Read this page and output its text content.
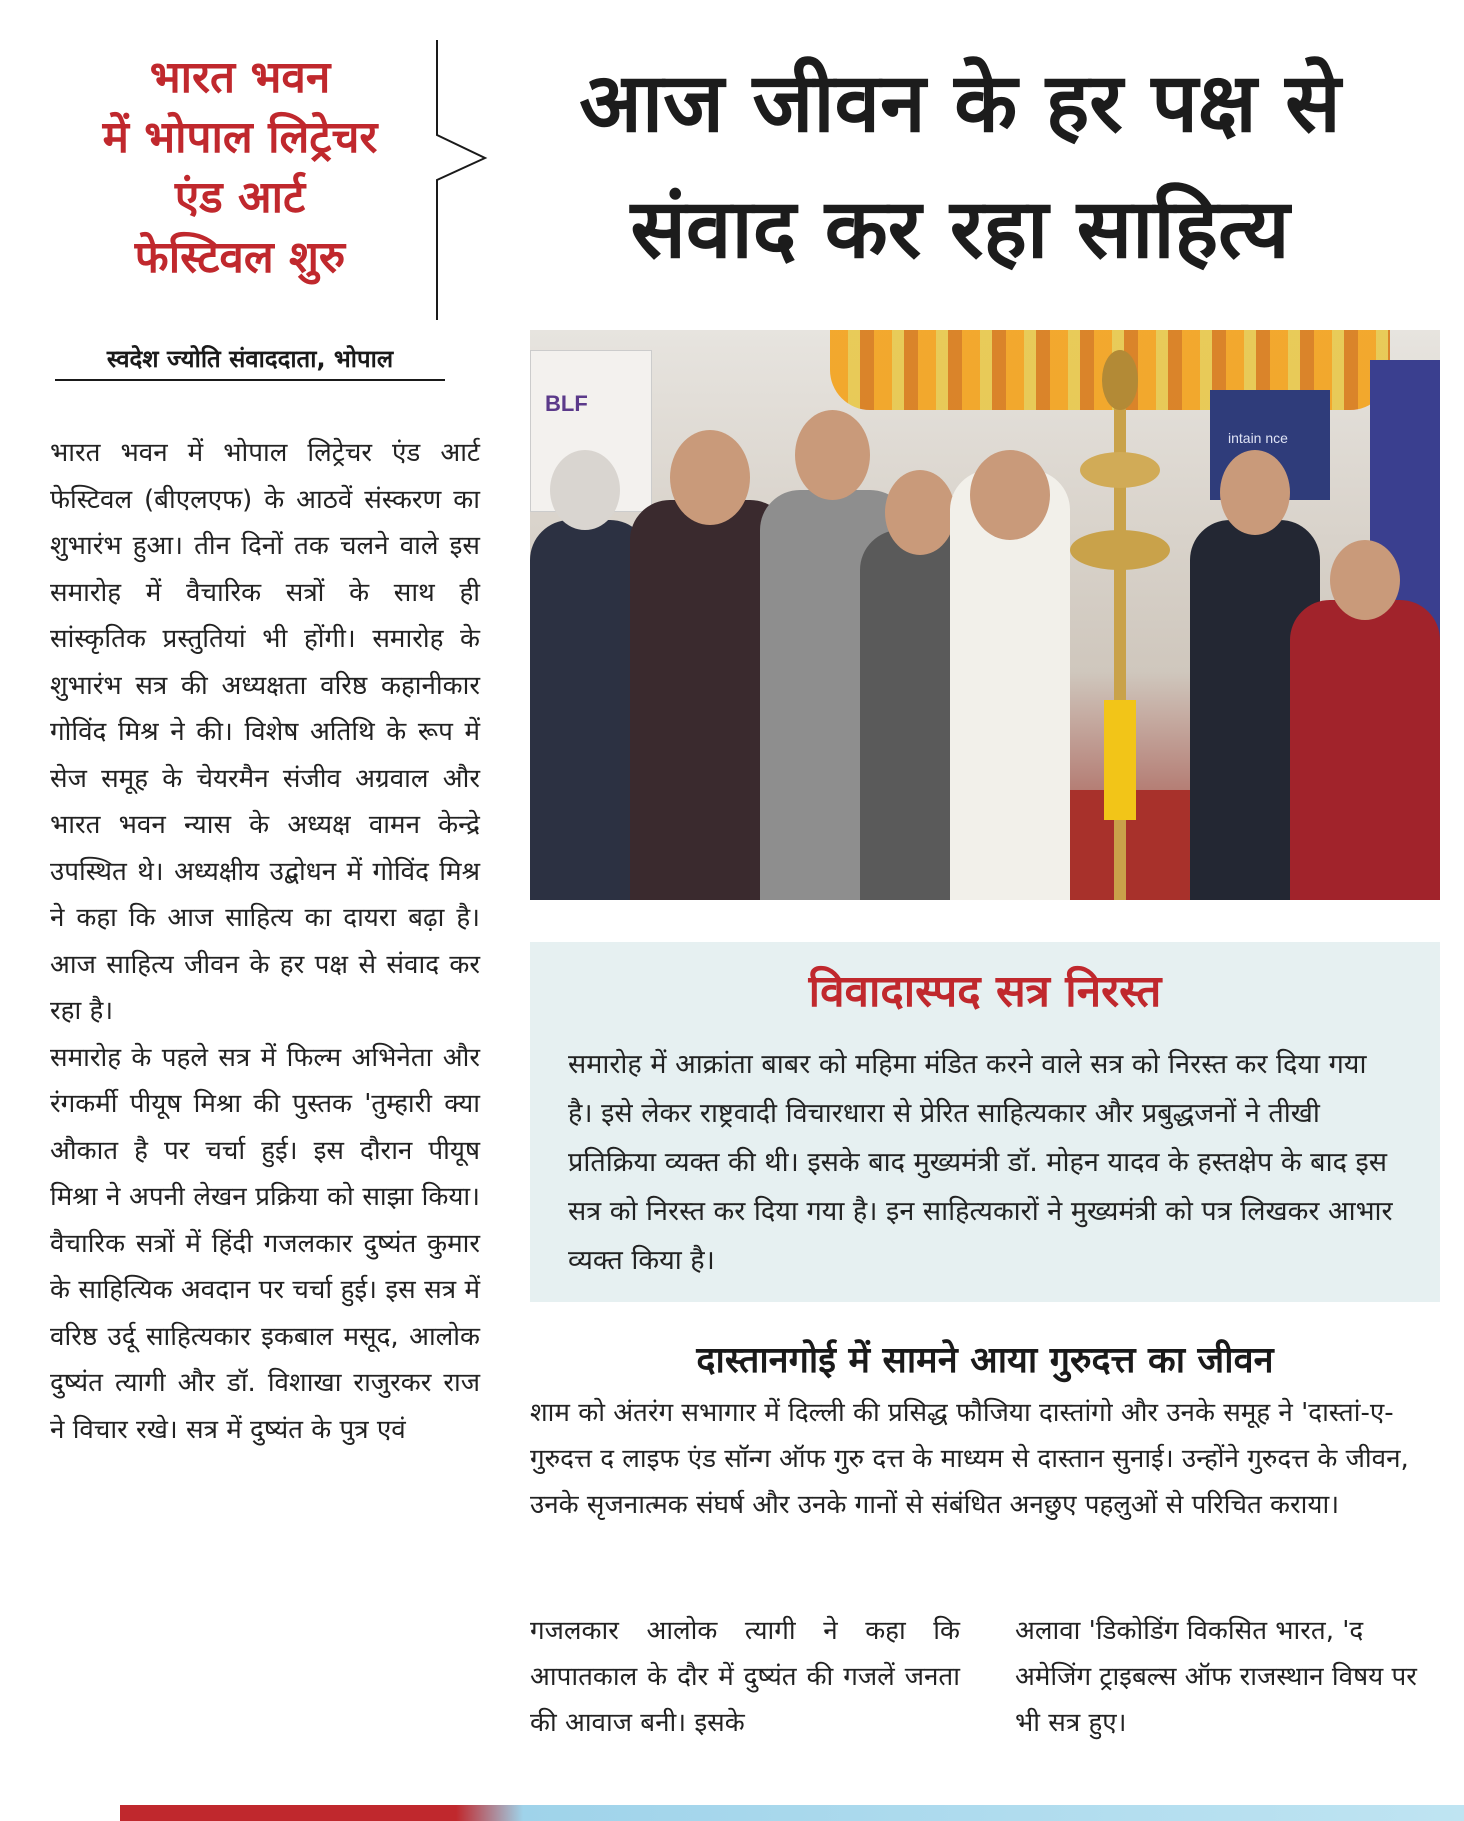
भारत भवन
में भोपाल लिट्रेचर
एंड आर्ट
फेस्टिवल शुरु
आज जीवन के हर पक्ष से
संवाद कर रहा साहित्य
स्वदेश ज्योति संवाददाता, भोपाल

भारत भवन में भोपाल लिट्रेचर एंड आर्ट फेस्टिवल (बीएलएफ) के आठवें संस्करण का शुभारंभ हुआ। तीन दिनों तक चलने वाले इस समारोह में वैचारिक सत्रों के साथ ही सांस्कृतिक प्रस्तुतियां भी होंगी। समारोह के शुभारंभ सत्र की अध्यक्षता वरिष्ठ कहानीकार गोविंद मिश्र ने की। विशेष अतिथि के रूप में सेज समूह के चेयरमैन संजीव अग्रवाल और भारत भवन न्यास के अध्यक्ष वामन केन्द्रे उपस्थित थे। अध्यक्षीय उद्बोधन में गोविंद मिश्र ने कहा कि आज साहित्य का दायरा बढ़ा है। आज साहित्य जीवन के हर पक्ष से संवाद कर रहा है।

समारोह के पहले सत्र में फिल्म अभिनेता और रंगकर्मी पीयूष मिश्रा की पुस्तक 'तुम्हारी क्या औकात है पर चर्चा हुई। इस दौरान पीयूष मिश्रा ने अपनी लेखन प्रक्रिया को साझा किया। वैचारिक सत्रों में हिंदी गजलकार दुष्यंत कुमार के साहित्यिक अवदान पर चर्चा हुई। इस सत्र में वरिष्ठ उर्दू साहित्यकार इकबाल मसूद, आलोक दुष्यंत त्यागी और डॉ. विशाखा राजुरकर राज ने विचार रखे। सत्र में दुष्यंत के पुत्र एवं

BLF
intain nce
विवादास्पद सत्र निरस्त
समारोह में आक्रांता बाबर को महिमा मंडित करने वाले सत्र को निरस्त कर दिया गया है। इसे लेकर राष्ट्रवादी विचारधारा से प्रेरित साहित्यकार और प्रबुद्धजनों ने तीखी प्रतिक्रिया व्यक्त की थी। इसके बाद मुख्यमंत्री डॉ. मोहन यादव के हस्तक्षेप के बाद इस सत्र को निरस्त कर दिया गया है। इन साहित्यकारों ने मुख्यमंत्री को पत्र लिखकर आभार व्यक्त किया है।
दास्तानगोई में सामने आया गुरुदत्त का जीवन
शाम को अंतरंग सभागार में दिल्ली की प्रसिद्ध फौजिया दास्तांगो और उनके समूह ने 'दास्तां-ए-गुरुदत्त द लाइफ एंड सॉन्ग ऑफ गुरु दत्त के माध्यम से दास्तान सुनाई। उन्होंने गुरुदत्त के जीवन, उनके सृजनात्मक संघर्ष और उनके गानों से संबंधित अनछुए पहलुओं से परिचित कराया।
गजलकार आलोक त्यागी ने कहा कि आपातकाल के दौर में दुष्यंत की गजलें जनता की आवाज बनी। इसके
अलावा 'डिकोडिंग विकसित भारत, 'द अमेजिंग ट्राइबल्स ऑफ राजस्थान विषय पर भी सत्र हुए।
